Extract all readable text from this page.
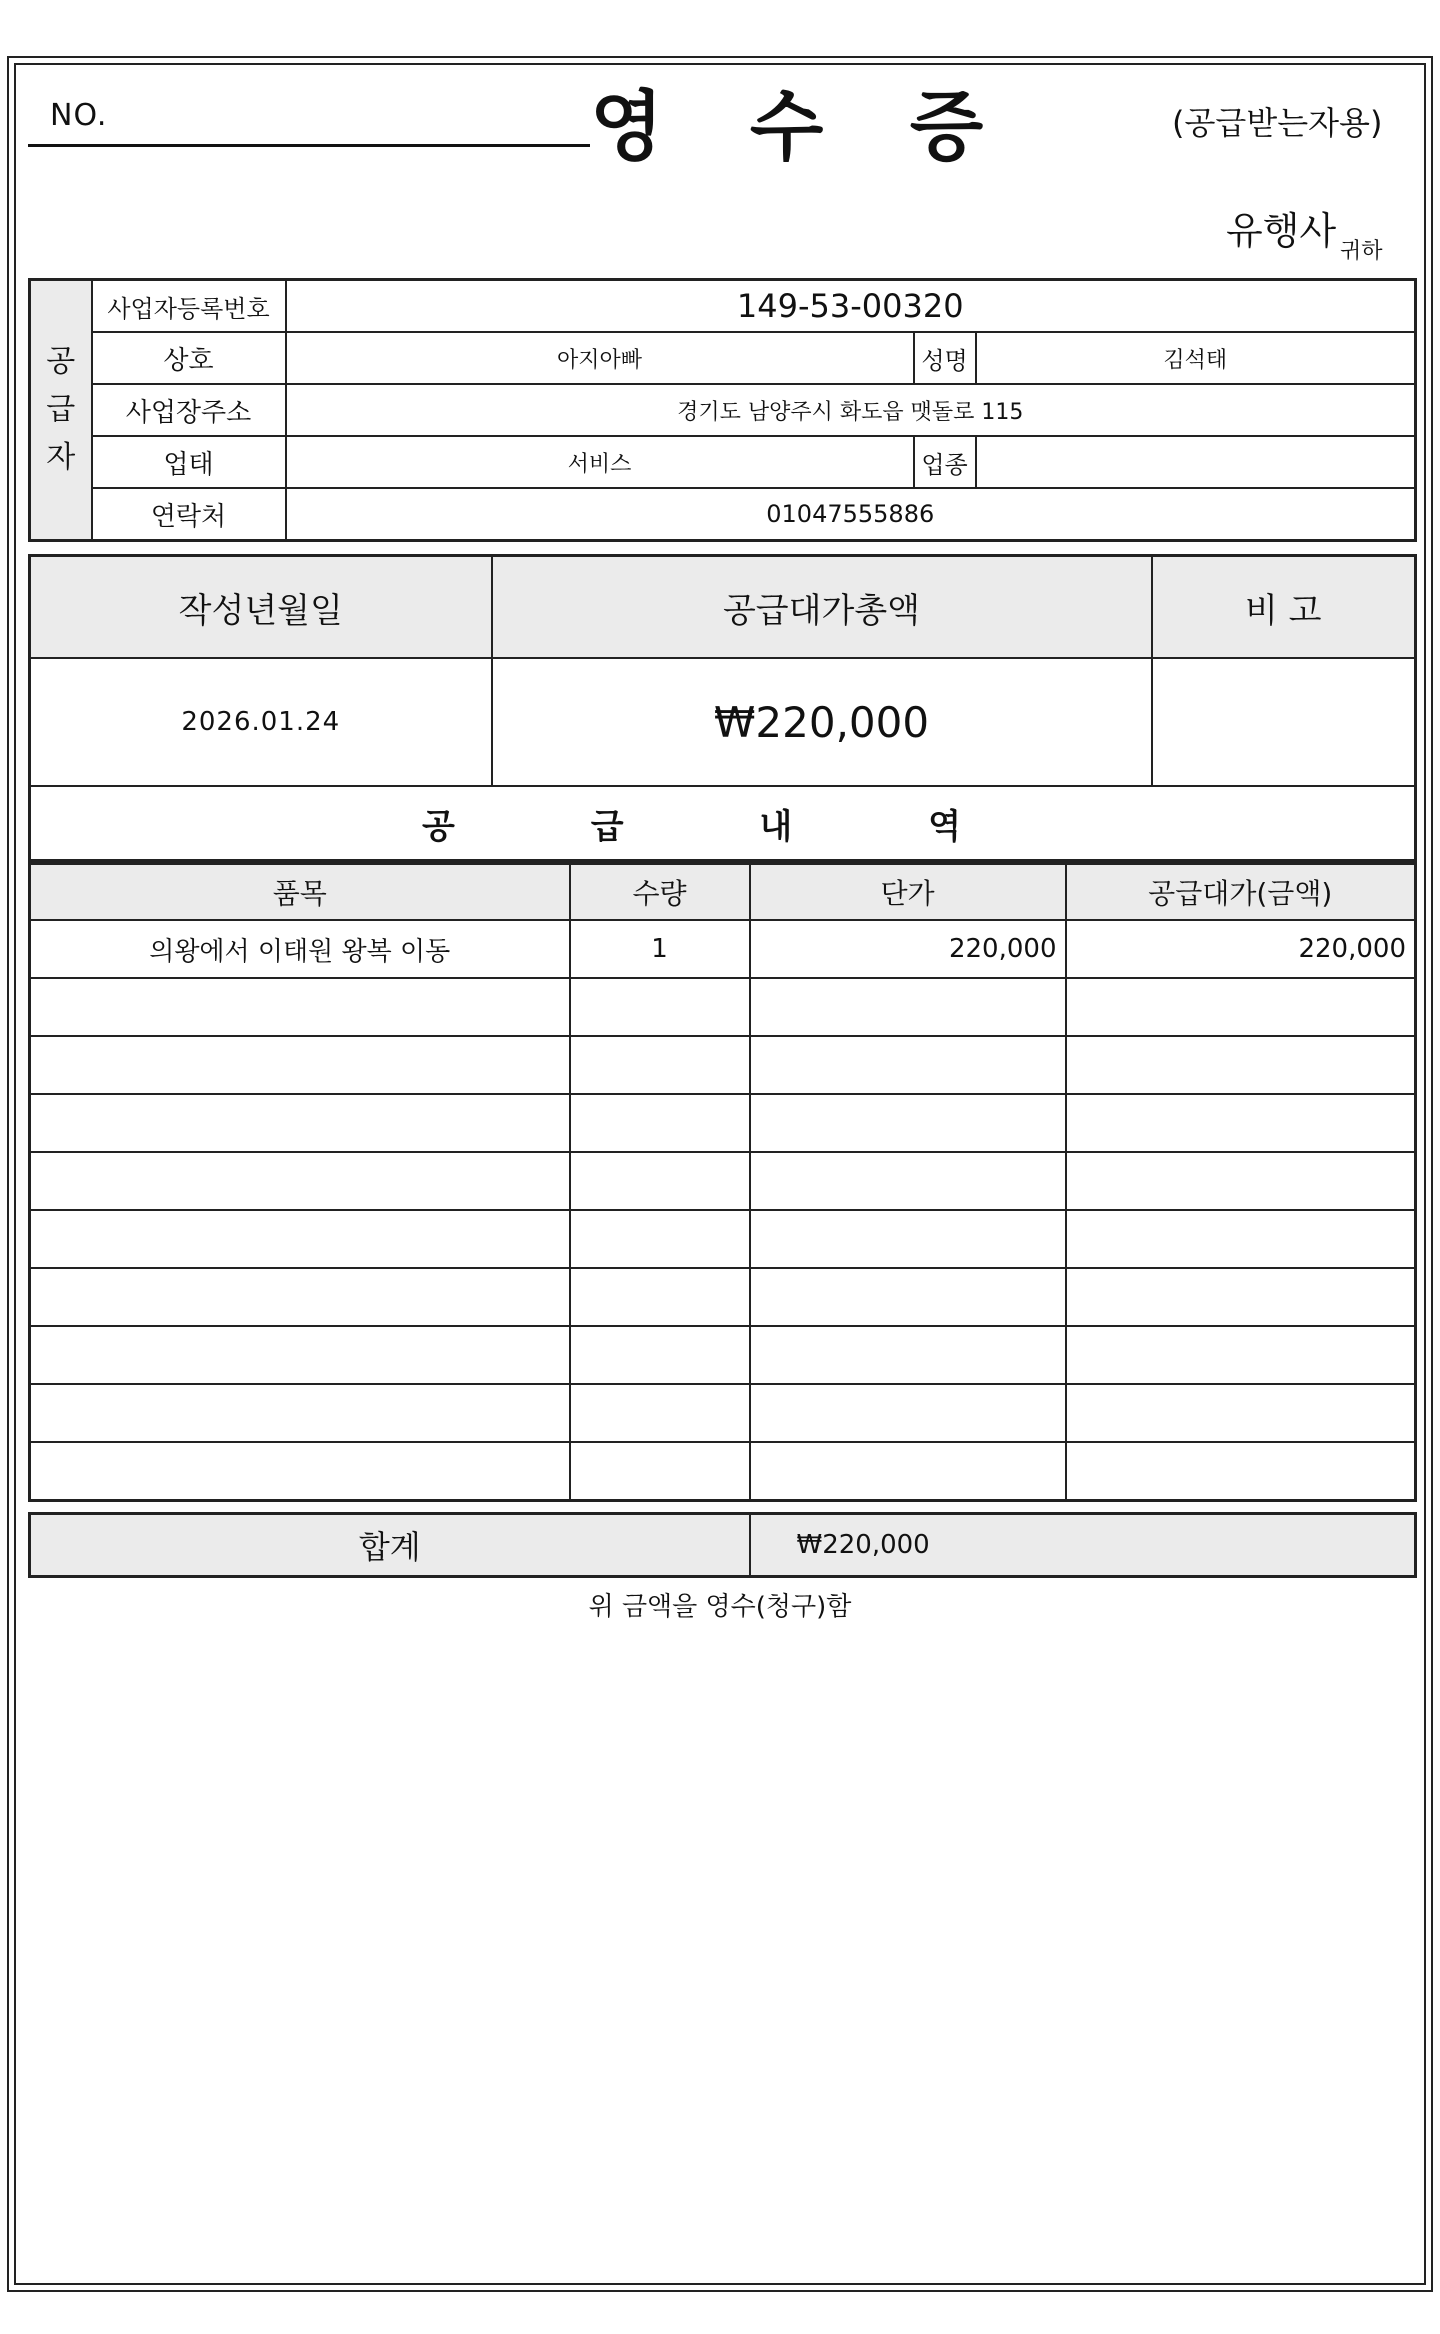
NO.	영 수 증	(공급받는자용)
유행사 귀하
공
급
자	사업자등록번호	149-53-00320		
	상호	아지아빠	성명	김석태
	사업장주소	경기도 남양주시 화도읍 맷돌로 115		
	업태	서비스	업종	
	연락처	01047555886		
작성년월일	공급대가총액	비 고
2026.01.24	₩220,000	
공 급 내 역		
품목	수량	단가	공급대가(금액)
의왕에서 이태원 왕복 이동	1	220,000	220,000

합계	₩220,000
위 금액을 영수(청구)함
